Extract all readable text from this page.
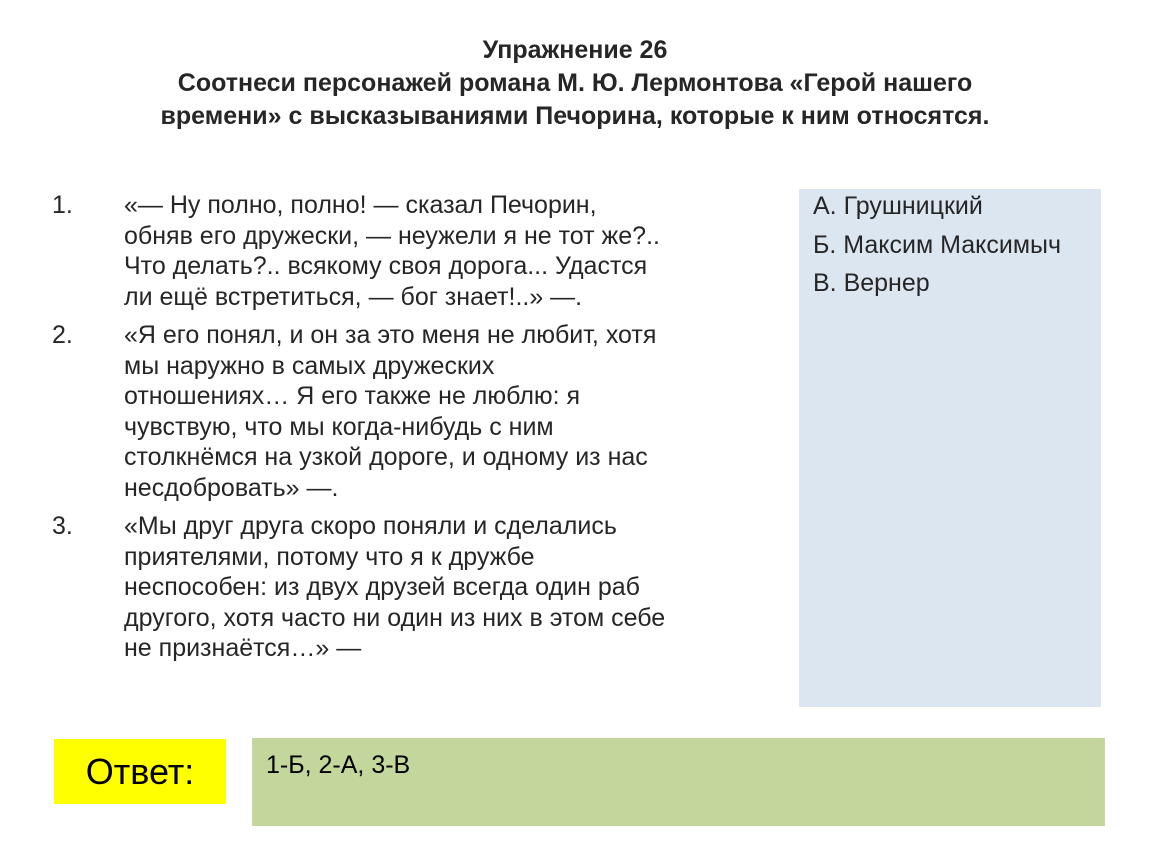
Упражнение 26
Соотнеси персонажей романа М. Ю. Лермонтова «Герой нашего
времени» с высказываниями Печорина, которые к ним относятся.
1.	«— Ну полно, полно! — сказал Печорин,
обняв его дружески, — неужели я не тот же?..
Что делать?.. всякому своя дорога... Удастся
ли ещё встретиться, — бог знает!..» —.
2.	«Я его понял, и он за это меня не любит, хотя
мы наружно в самых дружеских
отношениях… Я его также не люблю: я
чувствую, что мы когда-нибудь с ним
столкнёмся на узкой дороге, и одному из нас
несдобровать» —.
3.	«Мы друг друга скоро поняли и сделались
приятелями, потому что я к дружбе
неспособен: из двух друзей всегда один раб
другого, хотя часто ни один из них в этом себе
не признаётся…» —
А. Грушницкий
Б. Максим Максимыч
В. Вернер
Ответ:	1-Б, 2-А, 3-В
